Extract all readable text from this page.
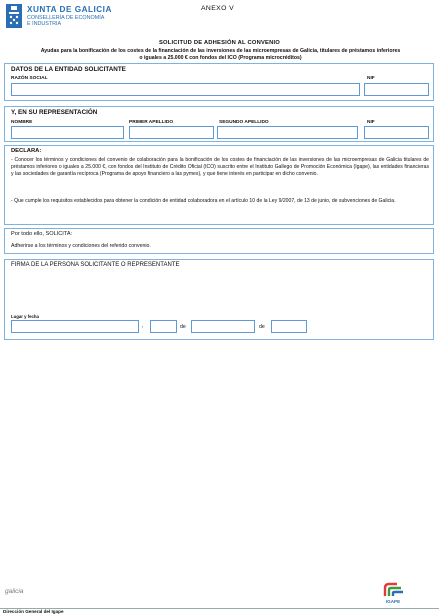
XUNTA DE GALICIA
CONSELLERÍA DE ECONOMÍA
E INDUSTRIA
ANEXO V
SOLICITUD DE ADHESIÓN AL CONVENIO
Ayudas para la bonificación de los costes de la financiación de las inversiones de las microempresas de Galicia, titulares de préstamos inferiores
o iguales a 25.000 € con fondos del ICO (Programa microcréditos)
DATOS DE LA ENTIDAD SOLICITANTE
RAZÓN SOCIAL	NIF
Y, EN SU REPRESENTACIÓN
NOMBRE	PRIMER APELLIDO	SEGUNDO APELLIDO	NIF
DECLARA:
- Conocer los términos y condiciones del convenio de colaboración para la bonificación de los costes de financiación de las inversiones de las microempresas de Galicia titulares de préstamos inferiores o iguales a 25.000 €, con fondos del Instituto de Crédito Oficial (ICO) suscrito entre el Instituto Gallego de Promoción Económica (Igape), las entidades financieras y las sociedades de garantía recíproca (Programa de apoyo financiero a las pymes), y que tiene interés en participar en dicho convenio.
- Que cumple los requisitos establecidos para obtener la condición de entidad colaboradora en el artículo 10 de la Ley 9/2007, de 13 de junio, de subvenciones de Galicia.
Por todo ello, SOLICITA:
Adherirse a los términos y condiciones del referido convenio.
FIRMA DE LA PERSONA SOLICITANTE O REPRESENTANTE
Lugar y fecha
,	de	de
galicia
IGAPE
Dirección General del Igape
